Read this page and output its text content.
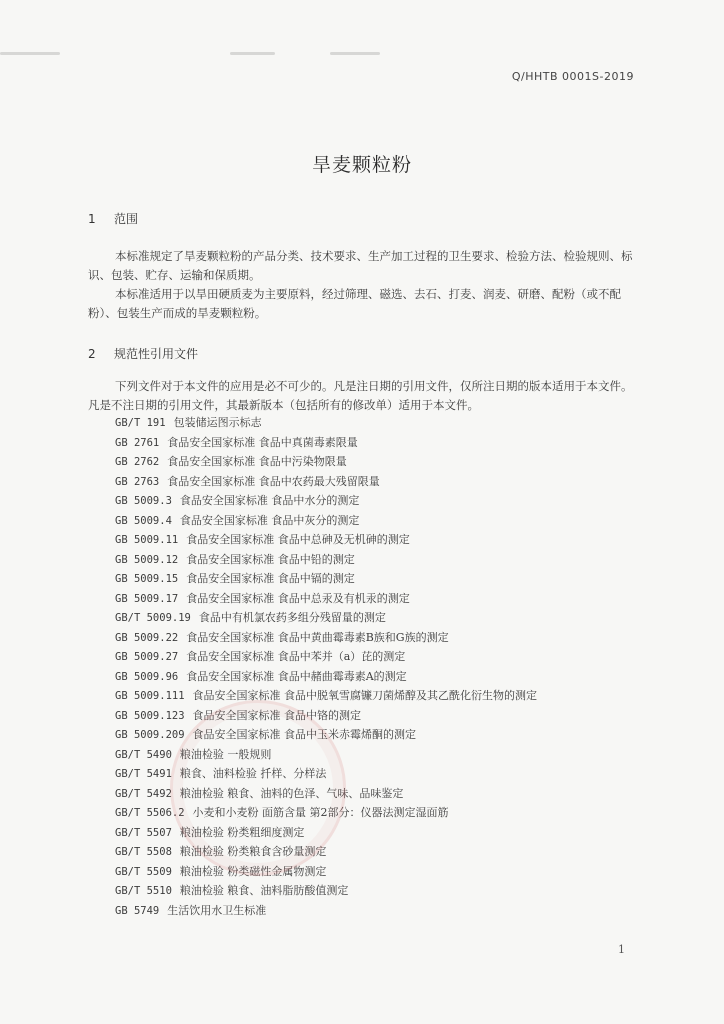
Q/HHTB 0001S-2019
旱麦颗粒粉
1 范围

本标准规定了旱麦颗粒粉的产品分类、技术要求、生产加工过程的卫生要求、检验方法、检验规则、标识、包装、贮存、运输和保质期。

本标准适用于以旱田硬质麦为主要原料，经过筛理、磁选、去石、打麦、润麦、研磨、配粉（或不配粉）、包装生产而成的旱麦颗粒粉。

2 规范性引用文件

下列文件对于本文件的应用是必不可少的。凡是注日期的引用文件，仅所注日期的版本适用于本文件。凡是不注日期的引用文件，其最新版本（包括所有的修改单）适用于本文件。

GB/T 191 包装储运图示标志
GB 2761 食品安全国家标准 食品中真菌毒素限量
GB 2762 食品安全国家标准 食品中污染物限量
GB 2763 食品安全国家标准 食品中农药最大残留限量
GB 5009.3 食品安全国家标准 食品中水分的测定
GB 5009.4 食品安全国家标准 食品中灰分的测定
GB 5009.11 食品安全国家标准 食品中总砷及无机砷的测定
GB 5009.12 食品安全国家标准 食品中铅的测定
GB 5009.15 食品安全国家标准 食品中镉的测定
GB 5009.17 食品安全国家标准 食品中总汞及有机汞的测定
GB/T 5009.19 食品中有机氯农药多组分残留量的测定
GB 5009.22 食品安全国家标准 食品中黄曲霉毒素B族和G族的测定
GB 5009.27 食品安全国家标准 食品中苯并（a）芘的测定
GB 5009.96 食品安全国家标准 食品中赭曲霉毒素A的测定
GB 5009.111 食品安全国家标准 食品中脱氧雪腐镰刀菌烯醇及其乙酰化衍生物的测定
GB 5009.123 食品安全国家标准 食品中铬的测定
GB 5009.209 食品安全国家标准 食品中玉米赤霉烯酮的测定
GB/T 5490 粮油检验 一般规则
GB/T 5491 粮食、油料检验 扦样、分样法
GB/T 5492 粮油检验 粮食、油料的色泽、气味、品味鉴定
GB/T 5506.2 小麦和小麦粉 面筋含量 第2部分：仪器法测定湿面筋
GB/T 5507 粮油检验 粉类粗细度测定
GB/T 5508 粮油检验 粉类粮食含砂量测定
GB/T 5509 粮油检验 粉类磁性金属物测定
GB/T 5510 粮油检验 粮食、油料脂肪酸值测定
GB 5749 生活饮用水卫生标准
1
